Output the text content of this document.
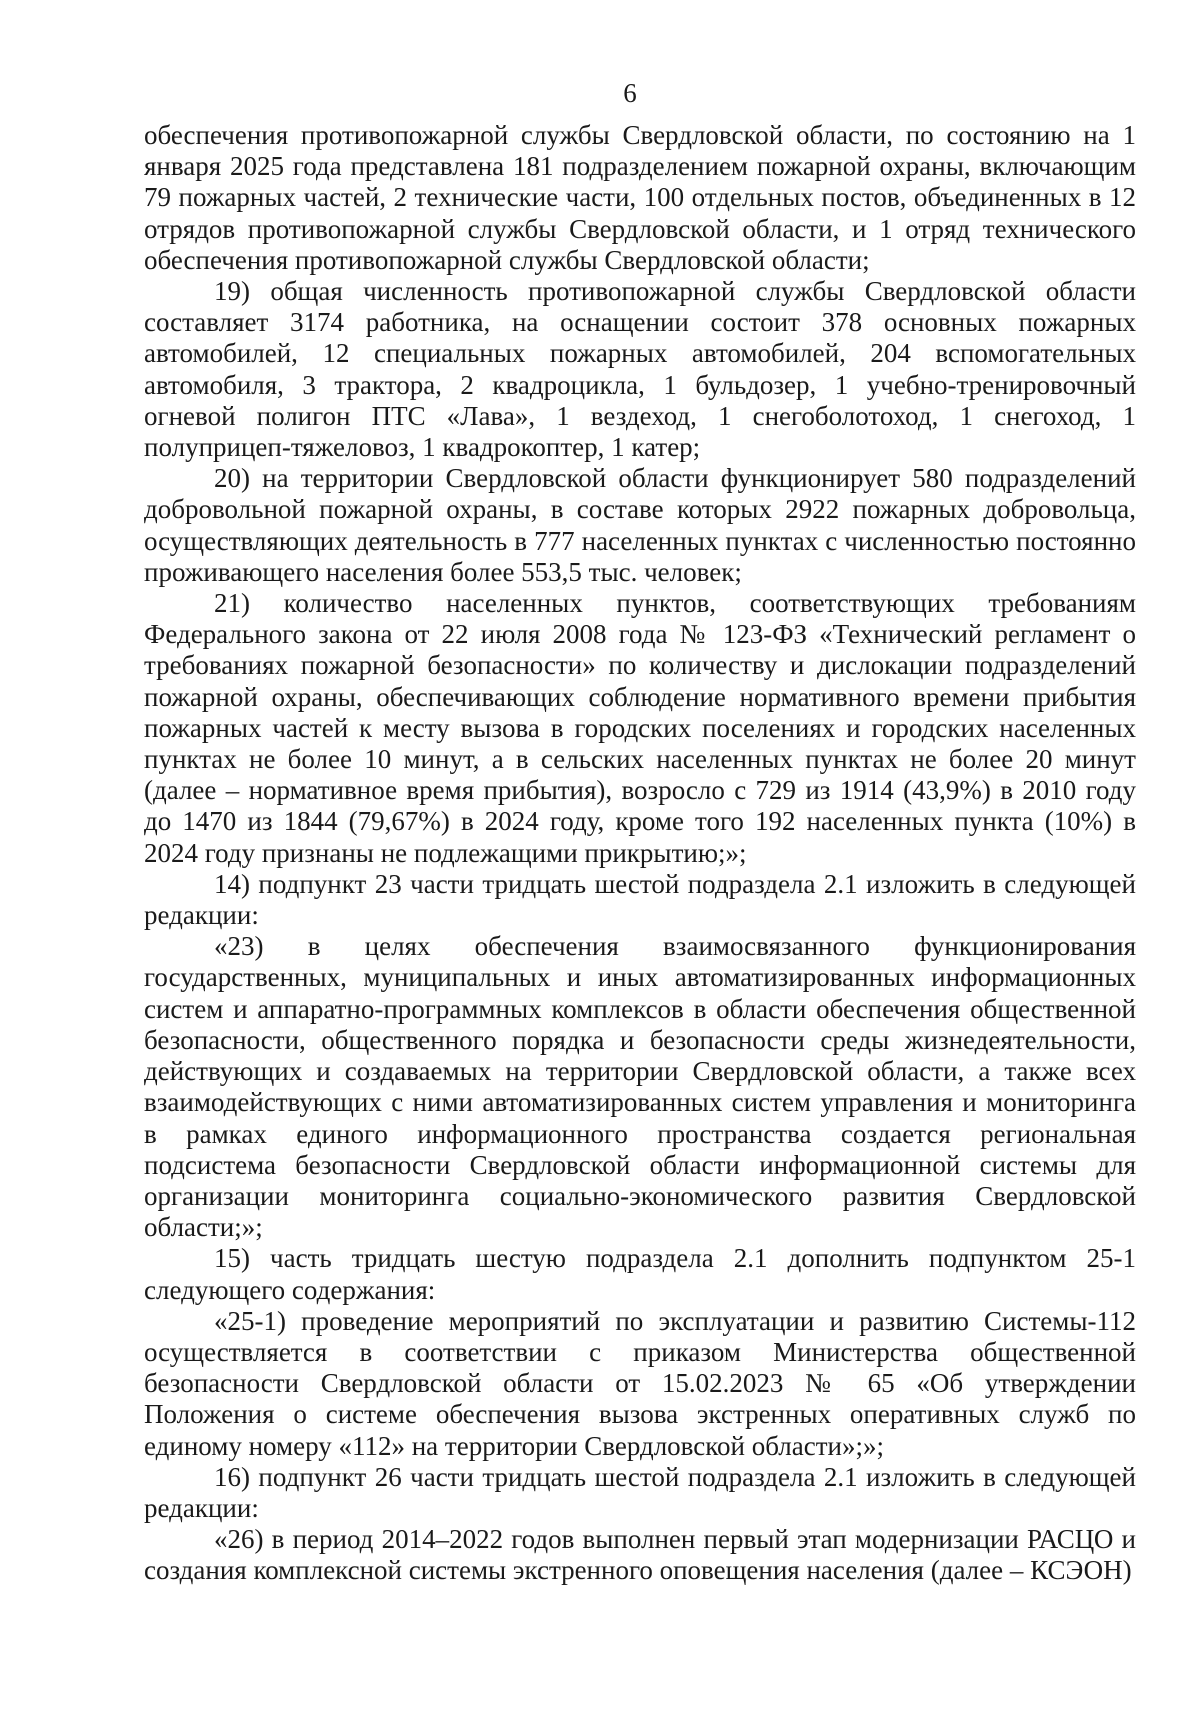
6

обеспечения противопожарной службы Свердловской области, по состоянию на 1 января 2025 года представлена 181 подразделением пожарной охраны, включающим 79 пожарных частей, 2 технические части, 100 отдельных постов, объединенных в 12 отрядов противопожарной службы Свердловской области, и 1 отряд технического обеспечения противопожарной службы Свердловской области;

19) общая численность противопожарной службы Свердловской области составляет 3174 работника, на оснащении состоит 378 основных пожарных автомобилей, 12 специальных пожарных автомобилей, 204 вспомогательных автомобиля, 3 трактора, 2 квадроцикла, 1 бульдозер, 1 учебно-тренировочный огневой полигон ПТС «Лава», 1 вездеход, 1 снегоболотоход, 1 снегоход, 1 полуприцеп-тяжеловоз, 1 квадрокоптер, 1 катер;

20) на территории Свердловской области функционирует 580 подразделений добровольной пожарной охраны, в составе которых 2922 пожарных добровольца, осуществляющих деятельность в 777 населенных пунктах с численностью постоянно проживающего населения более 553,5 тыс. человек;

21) количество населенных пунктов, соответствующих требованиям Федерального закона от 22 июля 2008 года № 123-ФЗ «Технический регламент о требованиях пожарной безопасности» по количеству и дислокации подразделений пожарной охраны, обеспечивающих соблюдение нормативного времени прибытия пожарных частей к месту вызова в городских поселениях и городских населенных пунктах не более 10 минут, а в сельских населенных пунктах не более 20 минут (далее – нормативное время прибытия), возросло с 729 из 1914 (43,9%) в 2010 году до 1470 из 1844 (79,67%) в 2024 году, кроме того 192 населенных пункта (10%) в 2024 году признаны не подлежащими прикрытию;»;

14) подпункт 23 части тридцать шестой подраздела 2.1 изложить в следующей редакции:

«23) в целях обеспечения взаимосвязанного функционирования государственных, муниципальных и иных автоматизированных информационных систем и аппаратно-программных комплексов в области обеспечения общественной безопасности, общественного порядка и безопасности среды жизнедеятельности, действующих и создаваемых на территории Свердловской области, а также всех взаимодействующих с ними автоматизированных систем управления и мониторинга в рамках единого информационного пространства создается региональная подсистема безопасности Свердловской области информационной системы для организации мониторинга социально-экономического развития Свердловской области;»;

15) часть тридцать шестую подраздела 2.1 дополнить подпунктом 25-1 следующего содержания:

«25-1) проведение мероприятий по эксплуатации и развитию Системы-112 осуществляется в соответствии с приказом Министерства общественной безопасности Свердловской области от 15.02.2023 № 65 «Об утверждении Положения о системе обеспечения вызова экстренных оперативных служб по единому номеру «112» на территории Свердловской области»;»;

16) подпункт 26 части тридцать шестой подраздела 2.1 изложить в следующей редакции:

«26) в период 2014–2022 годов выполнен первый этап модернизации РАСЦО и создания комплексной системы экстренного оповещения населения (далее – КСЭОН)
